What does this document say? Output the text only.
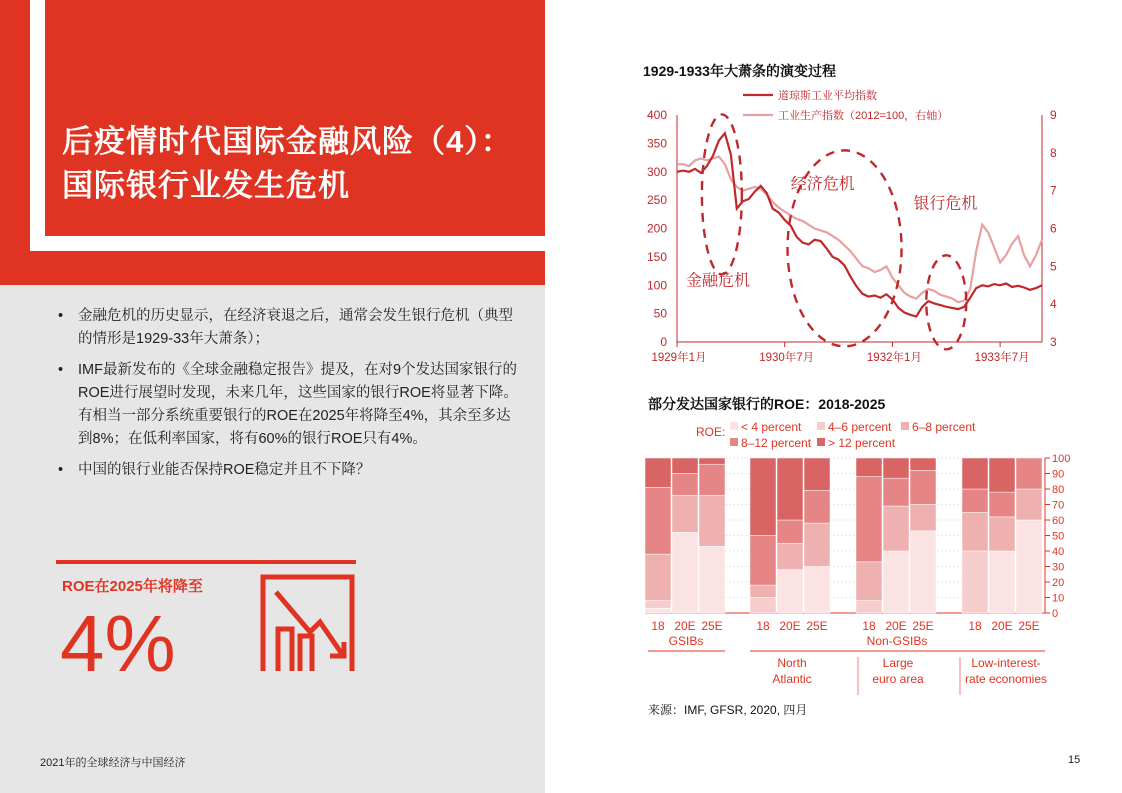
后疫情时代国际金融风险（4）：国际银行业发生危机
• 金融危机的历史显示，在经济衰退之后，通常会发生银行危机（典型的情形是1929-33年大萧条）；
• IMF最新发布的《全球金融稳定报告》提及，在对9个发达国家银行的ROE进行展望时发现，未来几年，这些国家的银行ROE将显著下降。有相当一部分系统重要银行的ROE在2025年将降至4%，其余至多达到8%；在低利率国家，将有60%的银行ROE只有4%。
• 中国的银行业能否保持ROE稳定并且不下降？
ROE在2025年将降至
4%
2021年的全球经济与中国经济
1929-1933年大萧条的演变过程
0
50
100
150
200
250
300
350
400
3
4
5
6
7
8
9
1929年1月	1930年7月	1932年1月	1933年7月
道琼斯工业平均指数
工业生产指数（2012=100，右轴）
金融危机
经济危机
银行危机
部分发达国家银行的ROE：2018-2025
ROE: < 4 percent 4–6 percent 6–8 percent
8–12 percent > 12 percent
0
10
20
30
40
50
60
70
80
90
100
18 20E 25E	18 20E 25E	18 20E 25E	18 20E 25E
GSIBs	Non-GSIBs
North Atlantic
Large euro area
Low-interest-rate economies
来源：IMF, GFSR, 2020, 四月
15
